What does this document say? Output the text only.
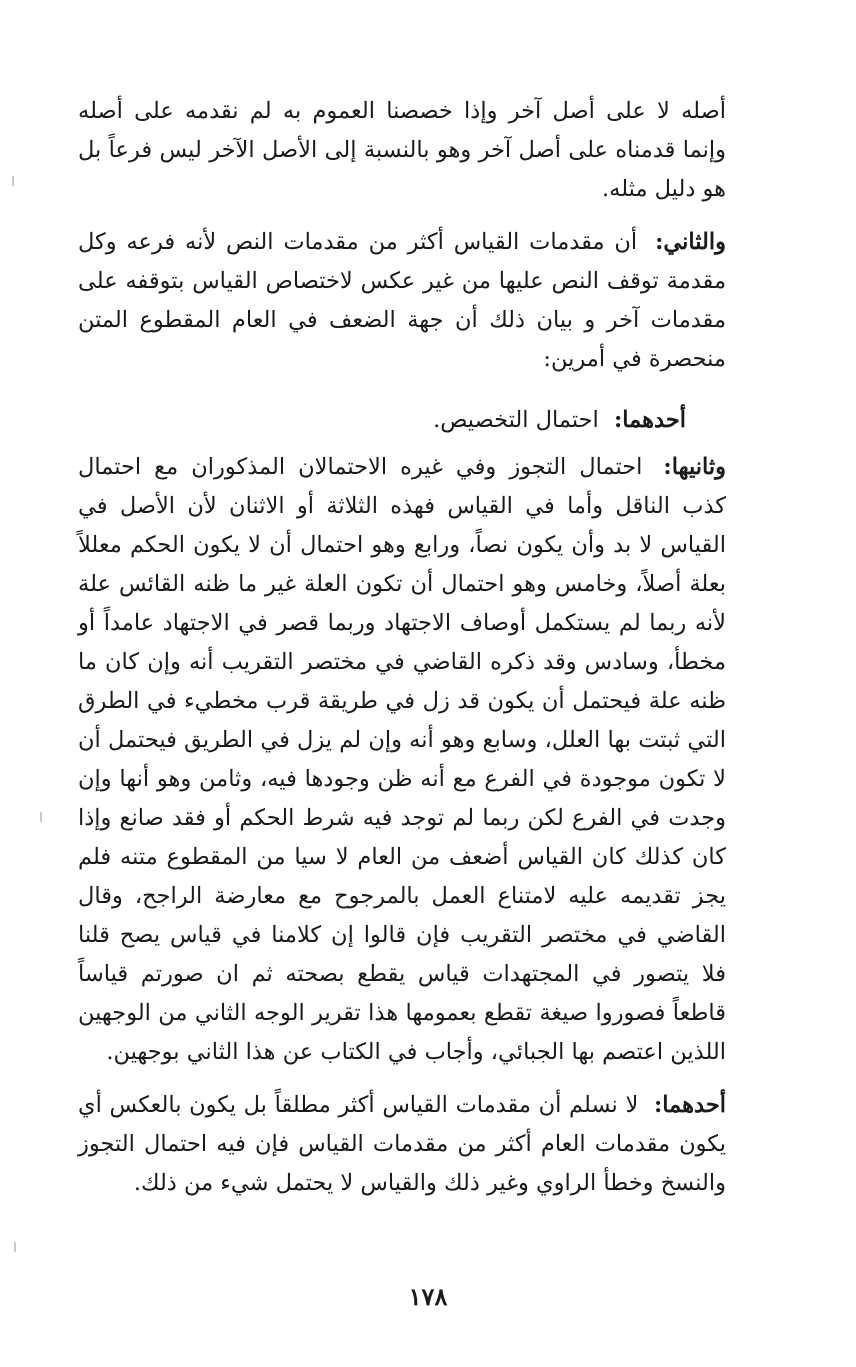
أصله لا على أصل آخر وإذا خصصنا العموم به لم نقدمه على أصله وإنما قدمناه على أصل آخر وهو بالنسبة إلى الأصل الآخر ليس فرعاً بل هو دليل مثله.

والثاني: أن مقدمات القياس أكثر من مقدمات النص لأنه فرعه وكل مقدمة توقف النص عليها من غير عكس لاختصاص القياس بتوقفه على مقدمات آخر و بيان ذلك أن جهة الضعف في العام المقطوع المتن منحصرة في أمرين:

أحدهما: احتمال التخصيص.

وثانيها: احتمال التجوز وفي غيره الاحتمالان المذكوران مع احتمال كذب الناقل وأما في القياس فهذه الثلاثة أو الاثنان لأن الأصل في القياس لا بد وأن يكون نصاً، ورابع وهو احتمال أن لا يكون الحكم معللاً بعلة أصلاً، وخامس وهو احتمال أن تكون العلة غير ما ظنه القائس علة لأنه ربما لم يستكمل أوصاف الاجتهاد وربما قصر في الاجتهاد عامداً أو مخطأ، وسادس وقد ذكره القاضي في مختصر التقريب أنه وإن كان ما ظنه علة فيحتمل أن يكون قد زل في طريقة قرب مخطيء في الطرق التي ثبتت بها العلل، وسابع وهو أنه وإن لم يزل في الطريق فيحتمل أن لا تكون موجودة في الفرع مع أنه ظن وجودها فيه، وثامن وهو أنها وإن وجدت في الفرع لكن ربما لم توجد فيه شرط الحكم أو فقد صانع وإذا كان كذلك كان القياس أضعف من العام لا سيا من المقطوع متنه فلم يجز تقديمه عليه لامتناع العمل بالمرجوح مع معارضة الراجح، وقال القاضي في مختصر التقريب فإن قالوا إن كلامنا في قياس يصح قلنا فلا يتصور في المجتهدات قياس يقطع بصحته ثم ان صورتم قياساً قاطعاً فصوروا صيغة تقطع بعمومها هذا تقرير الوجه الثاني من الوجهين اللذين اعتصم بها الجبائي، وأجاب في الكتاب عن هذا الثاني بوجهين.

أحدهما: لا نسلم أن مقدمات القياس أكثر مطلقاً بل يكون بالعكس أي يكون مقدمات العام أكثر من مقدمات القياس فإن فيه احتمال التجوز والنسخ وخطأ الراوي وغير ذلك والقياس لا يحتمل شيء من ذلك.

١٧٨
